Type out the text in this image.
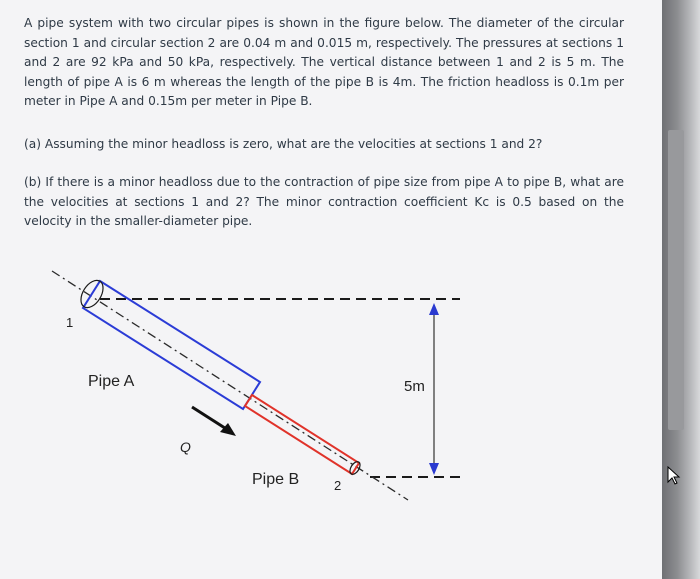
A pipe system with two circular pipes is shown in the figure below. The diameter of the circular section 1 and circular section 2 are 0.04 m and 0.015 m, respectively. The pressures at sections 1 and 2 are 92 kPa and 50 kPa, respectively. The vertical distance between 1 and 2 is 5 m. The length of pipe A is 6 m whereas the length of the pipe B is 4m. The friction headloss is 0.1m per meter in Pipe A and 0.15m per meter in Pipe B.

(a) Assuming the minor headloss is zero, what are the velocities at sections 1 and 2?

(b) If there is a minor headloss due to the contraction of pipe size from pipe A to pipe B, what are the velocities at sections 1 and 2? The minor contraction coefficient Kc is 0.5 based on the velocity in the smaller-diameter pipe.

Q
5m
1
2
Pipe A
Pipe B
